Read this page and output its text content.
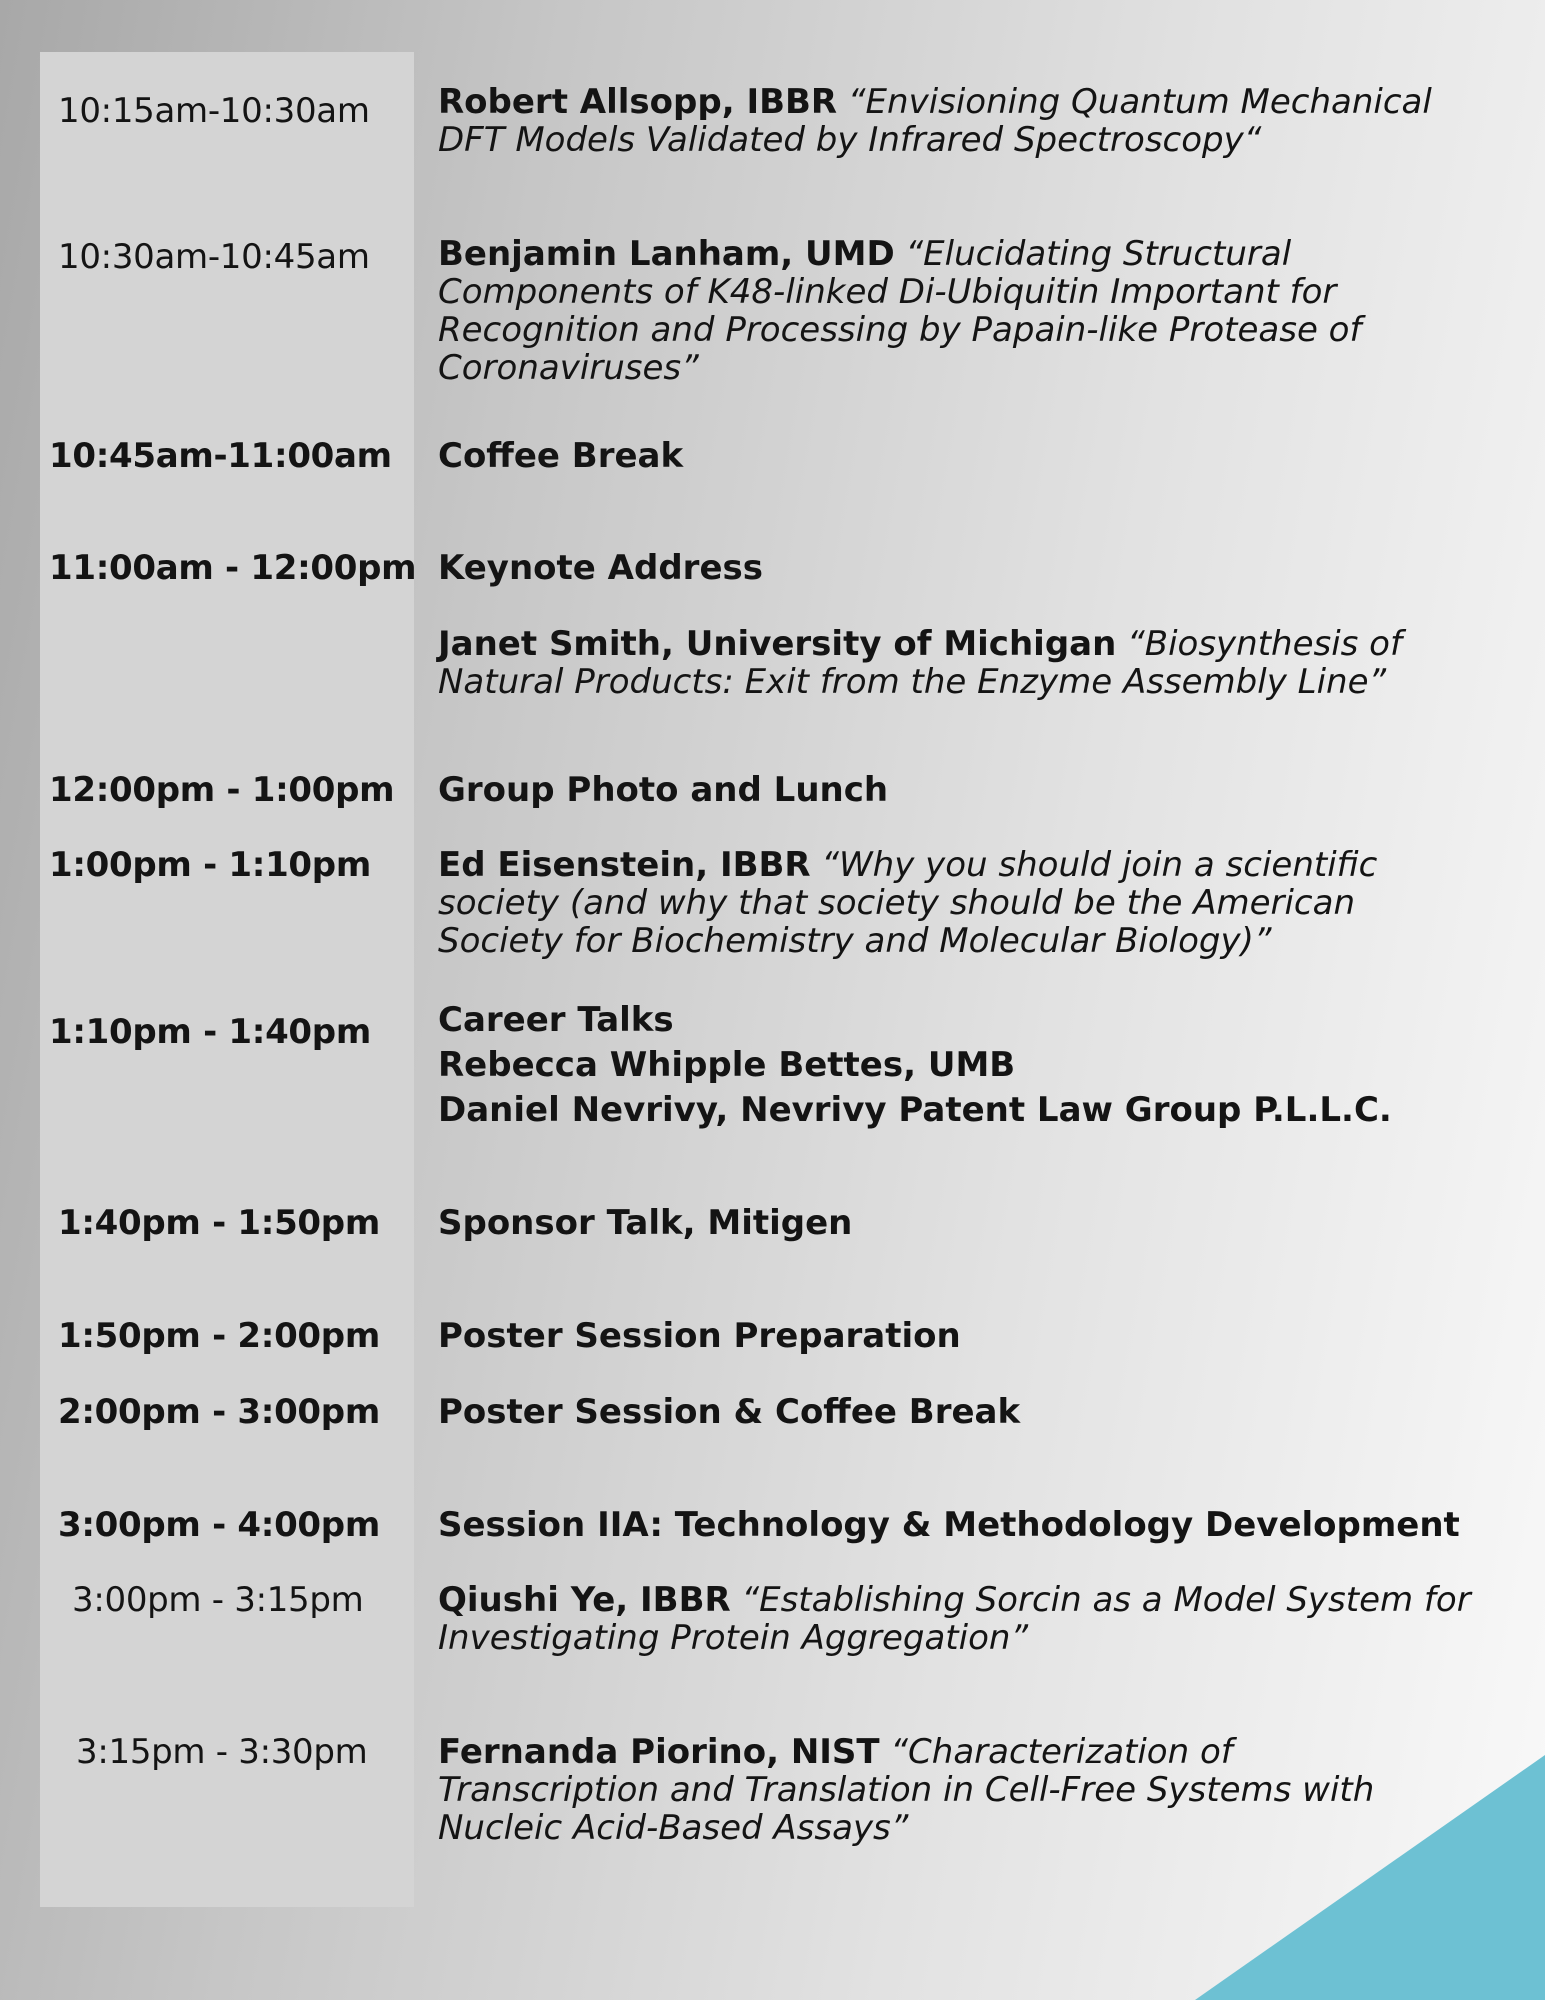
10:15am-10:30am Robert Allsopp, IBBR “Envisioning Quantum Mechanical DFT Models Validated by Infrared Spectroscopy“
10:30am-10:45am Benjamin Lanham, UMD “Elucidating Structural Components of K48-linked Di-Ubiquitin Important for Recognition and Processing by Papain-like Protease of Coronaviruses”
10:45am-11:00am Coffee Break
11:00am - 12:00pm Keynote Address
Janet Smith, University of Michigan “Biosynthesis of Natural Products: Exit from the Enzyme Assembly Line”
12:00pm - 1:00pm Group Photo and Lunch
1:00pm - 1:10pm Ed Eisenstein, IBBR “Why you should join a scientific society (and why that society should be the American Society for Biochemistry and Molecular Biology)”
1:10pm - 1:40pm Career Talks
Rebecca Whipple Bettes, UMB
Daniel Nevrivy, Nevrivy Patent Law Group P.L.L.C.
1:40pm - 1:50pm Sponsor Talk, Mitigen
1:50pm - 2:00pm Poster Session Preparation
2:00pm - 3:00pm Poster Session & Coffee Break
3:00pm - 4:00pm Session IIA: Technology & Methodology Development
3:00pm - 3:15pm Qiushi Ye, IBBR “Establishing Sorcin as a Model System for Investigating Protein Aggregation”
3:15pm - 3:30pm Fernanda Piorino, NIST “Characterization of Transcription and Translation in Cell-Free Systems with Nucleic Acid-Based Assays”
